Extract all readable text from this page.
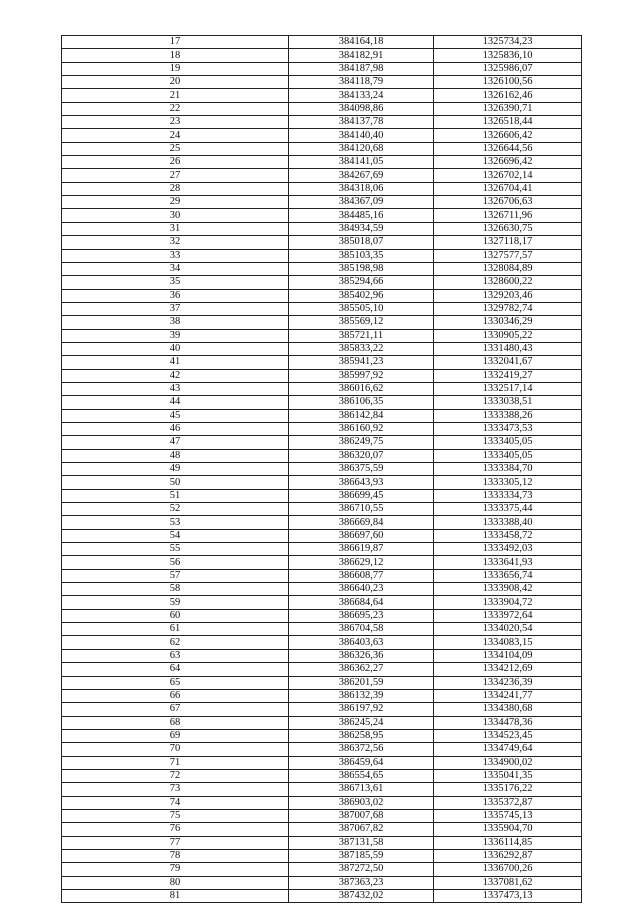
17	384164,18	1325734,23
18	384182,91	1325836,10
19	384187,98	1325986,07
20	384118,79	1326100,56
21	384133,24	1326162,46
22	384098,86	1326390,71
23	384137,78	1326518,44
24	384140,40	1326606,42
25	384120,68	1326644,56
26	384141,05	1326696,42
27	384267,69	1326702,14
28	384318,06	1326704,41
29	384367,09	1326706,63
30	384485,16	1326711,96
31	384934,59	1326630,75
32	385018,07	1327118,17
33	385103,35	1327577,57
34	385198,98	1328084,89
35	385294,66	1328600,22
36	385402,96	1329203,46
37	385505,10	1329782,74
38	385569,12	1330346,29
39	385721,11	1330905,22
40	385833,22	1331480,43
41	385941,23	1332041,67
42	385997,92	1332419,27
43	386016,62	1332517,14
44	386106,35	1333038,51
45	386142,84	1333388,26
46	386160,92	1333473,53
47	386249,75	1333405,05
48	386320,07	1333405,05
49	386375,59	1333384,70
50	386643,93	1333305,12
51	386699,45	1333334,73
52	386710,55	1333375,44
53	386669,84	1333388,40
54	386697,60	1333458,72
55	386619,87	1333492,03
56	386629,12	1333641,93
57	386608,77	1333656,74
58	386640,23	1333908,42
59	386684,64	1333904,72
60	386695,23	1333972,64
61	386704,58	1334020,54
62	386403,63	1334083,15
63	386326,36	1334104,09
64	386362,27	1334212,69
65	386201,59	1334236,39
66	386132,39	1334241,77
67	386197,92	1334380,68
68	386245,24	1334478,36
69	386258,95	1334523,45
70	386372,56	1334749,64
71	386459,64	1334900,02
72	386554,65	1335041,35
73	386713,61	1335176,22
74	386903,02	1335372,87
75	387007,68	1335745,13
76	387067,82	1335904,70
77	387131,58	1336114,85
78	387185,59	1336292,87
79	387272,50	1336700,26
80	387363,23	1337081,62
81	387432,02	1337473,13
